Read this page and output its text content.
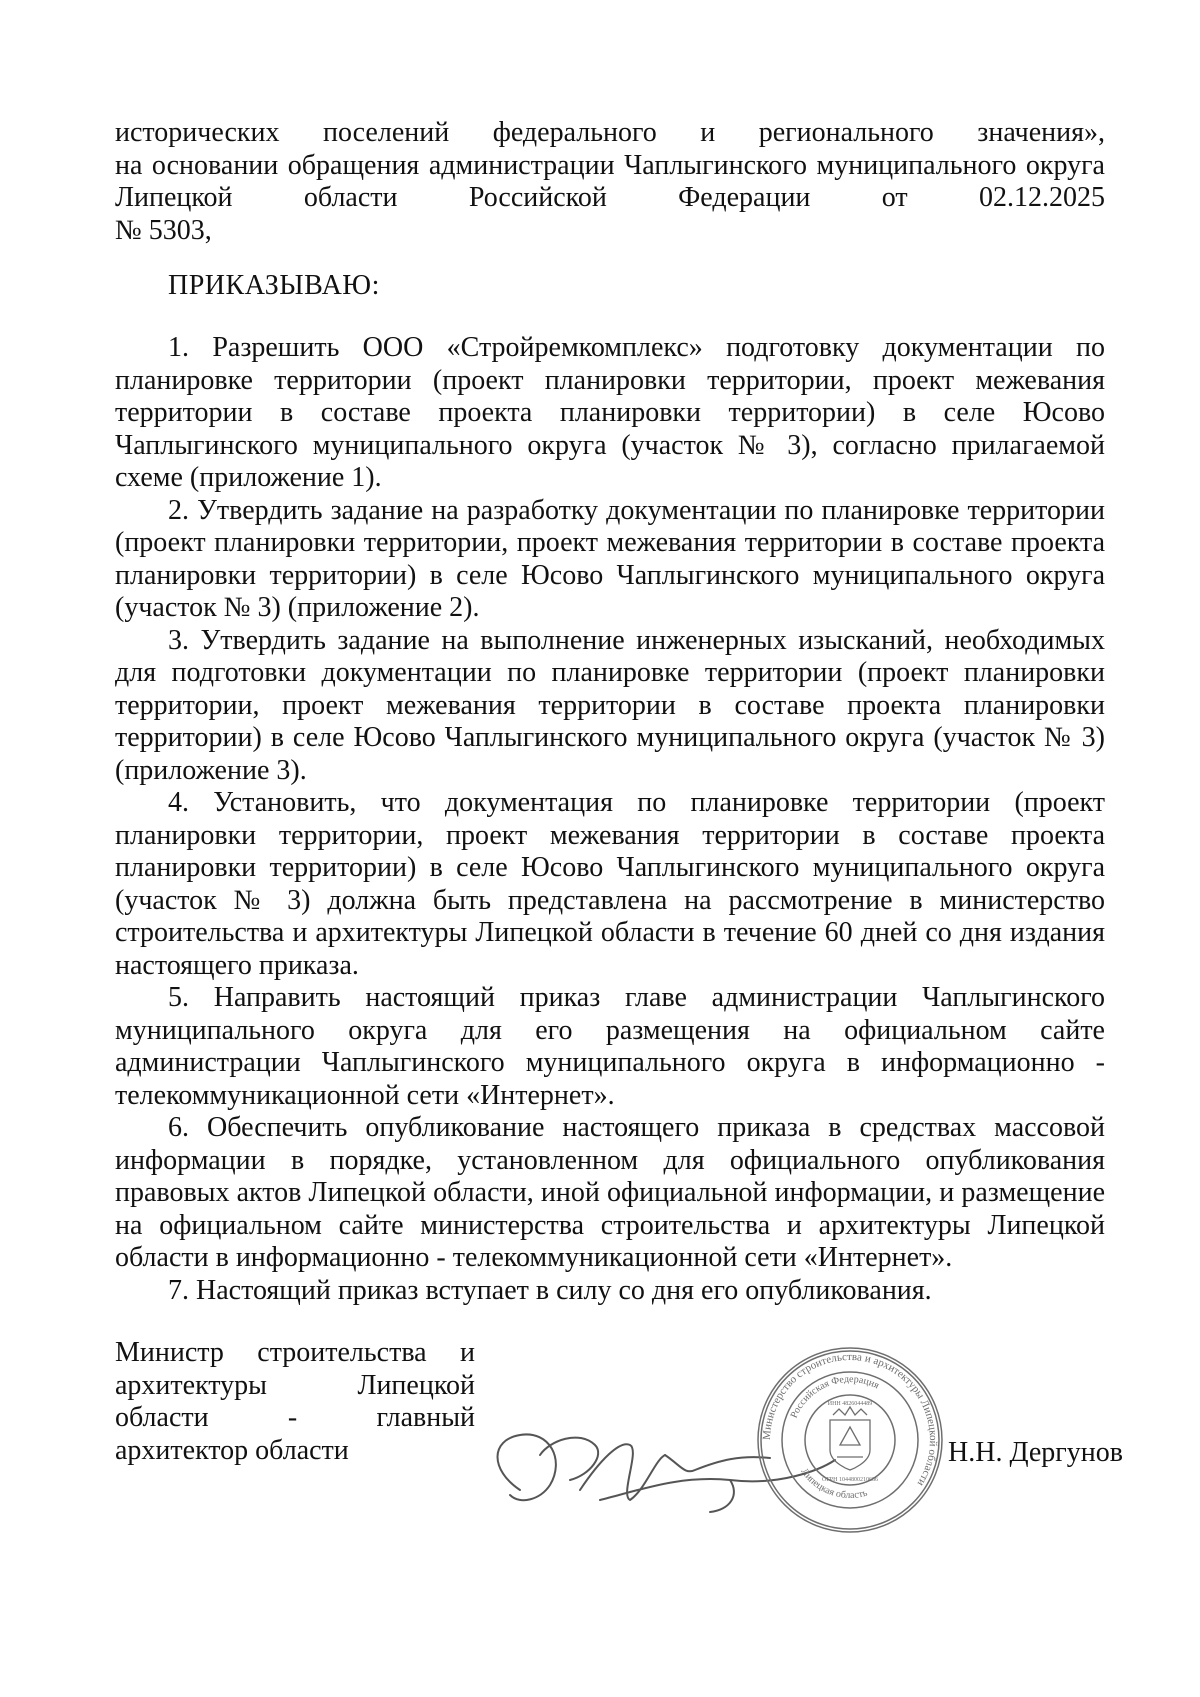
исторических поселений федерального и регионального значения»,

на основании обращения администрации Чаплыгинского муниципального округа

Липецкой области Российской Федерации от 02.12.2025

№ 5303,

ПРИКАЗЫВАЮ:

1. Разрешить ООО «Стройремкомплекс» подготовку документации по планировке территории (проект планировки территории, проект межевания территории в составе проекта планировки территории) в селе Юсово Чаплыгинского муниципального округа (участок № 3), согласно прилагаемой схеме (приложение 1).

2. Утвердить задание на разработку документации по планировке территории (проект планировки территории, проект межевания территории в составе проекта планировки территории) в селе Юсово Чаплыгинского муниципального округа (участок № 3) (приложение 2).

3. Утвердить задание на выполнение инженерных изысканий, необходимых для подготовки документации по планировке территории (проект планировки территории, проект межевания территории в составе проекта планировки территории) в селе Юсово Чаплыгинского муниципального округа (участок № 3) (приложение 3).

4. Установить, что документация по планировке территории (проект планировки территории, проект межевания территории в составе проекта планировки территории) в селе Юсово Чаплыгинского муниципального округа (участок № 3) должна быть представлена на рассмотрение в министерство строительства и архитектуры Липецкой области в течение 60 дней со дня издания настоящего приказа.

5. Направить настоящий приказ главе администрации Чаплыгинского муниципального округа для его размещения на официальном сайте администрации Чаплыгинского муниципального округа в информационно - телекоммуникационной сети «Интернет».

6. Обеспечить опубликование настоящего приказа в средствах массовой информации в порядке, установленном для официального опубликования правовых актов Липецкой области, иной официальной информации, и размещение на официальном сайте министерства строительства и архитектуры Липецкой области в информационно - телекоммуникационной сети «Интернет».

7. Настоящий приказ вступает в силу со дня его опубликования.

Министр строительства и
архитектуры Липецкой
области - главный
архитектор области	Министерство строительства и архитектуры Липецкой области
Российская Федерация
Липецкая область
ИНН 4826044489
ОГРН 1044800210686
Н.Н. Дергунов
